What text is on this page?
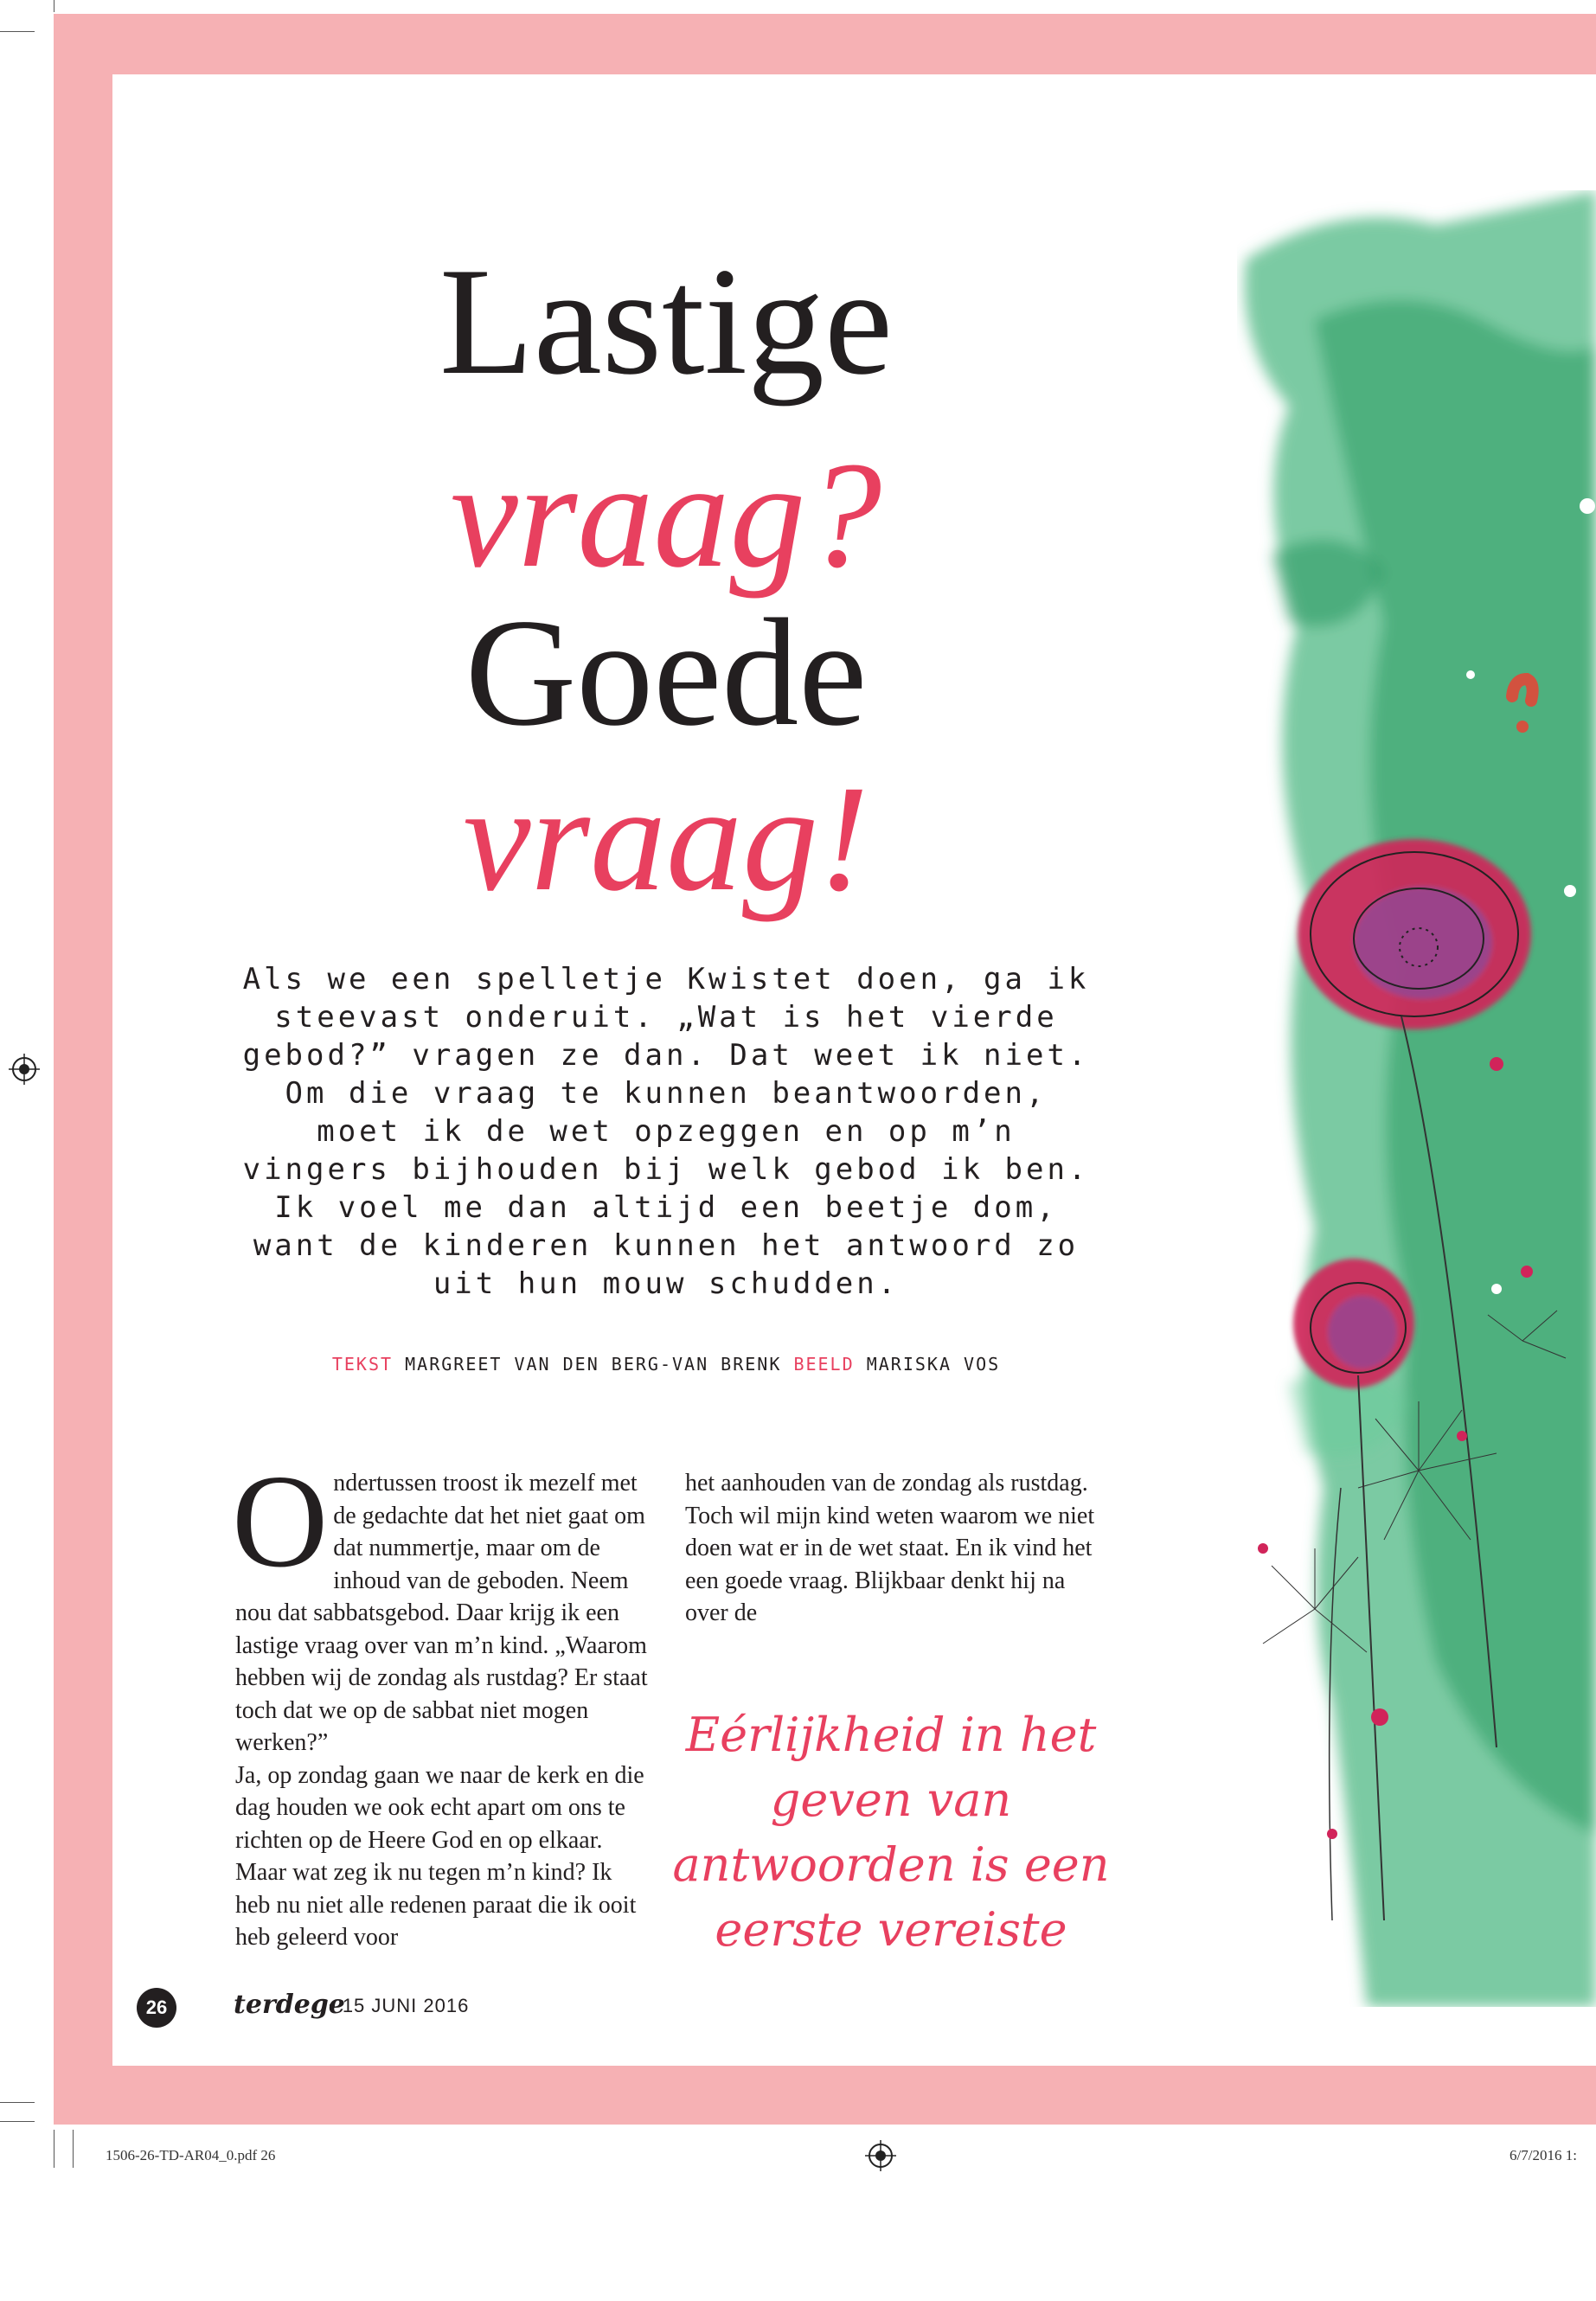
Lastige
vraag?
Goede
vraag!
Als we een spelletje Kwistet doen, ga ik steevast onderuit. „Wat is het vierde gebod?” vragen ze dan. Dat weet ik niet. Om die vraag te kunnen beantwoorden, moet ik de wet opzeggen en op m’n vingers bijhouden bij welk gebod ik ben. Ik voel me dan altijd een beetje dom, want de kinderen kunnen het antwoord zo uit hun mouw schudden.
TEKST MARGREET VAN DEN BERG-VAN BRENK BEELD MARISKA VOS

Ondertussen troost ik mezelf met de gedachte dat het niet gaat om dat nummertje, maar om de inhoud van de geboden. Neem nou dat sabbatsgebod. Daar krijg ik een lastige vraag over van m’n kind. „Waarom hebben wij de zondag als rustdag? Er staat toch dat we op de sabbat niet mogen werken?”

Ja, op zondag gaan we naar de kerk en die dag houden we ook echt apart om ons te richten op de Heere God en op elkaar. Maar wat zeg ik nu tegen m’n kind? Ik heb nu niet alle redenen paraat die ik ooit heb geleerd voor

het aanhouden van de zondag als rustdag. Toch wil mijn kind weten waarom we niet doen wat er in de wet staat. En ik vind het een goede vraag. Blijkbaar denkt hij na over de

Eérlijkheid in het geven van antwoorden is een eerste vereiste
26	terdege
• 15 JUNI 2016
1506-26-TD-AR04_0.pdf 26	6/7/2016 1:
